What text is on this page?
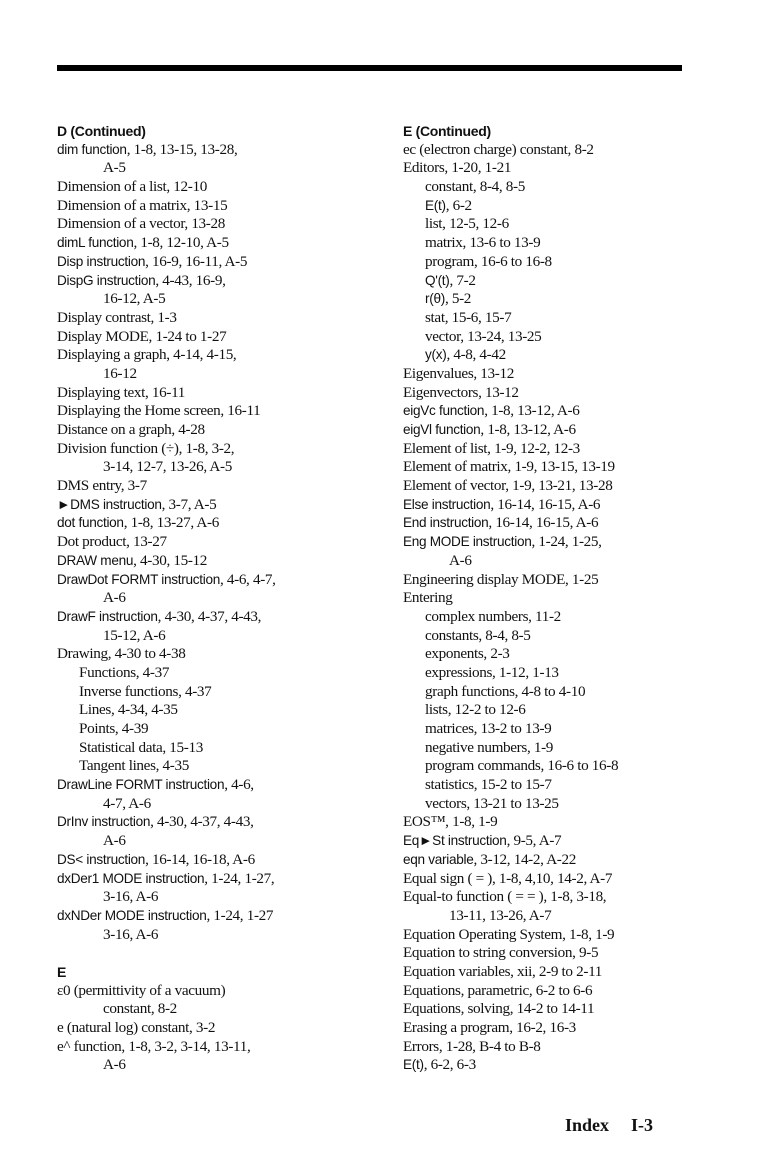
D (Continued)
dim function, 1-8, 13-15, 13-28,
A-5
Dimension of a list, 12-10
Dimension of a matrix, 13-15
Dimension of a vector, 13-28
dimL function, 1-8, 12-10, A-5
Disp instruction, 16-9, 16-11, A-5
DispG instruction, 4-43, 16-9,
16-12, A-5
Display contrast, 1-3
Display MODE, 1-24 to 1-27
Displaying a graph, 4-14, 4-15,
16-12
Displaying text, 16-11
Displaying the Home screen, 16-11
Distance on a graph, 4-28
Division function (÷), 1-8, 3-2,
3-14, 12-7, 13-26, A-5
DMS entry, 3-7
►DMS instruction, 3-7, A-5
dot function, 1-8, 13-27, A-6
Dot product, 13-27
DRAW menu, 4-30, 15-12
DrawDot FORMT instruction, 4-6, 4-7,
A-6
DrawF instruction, 4-30, 4-37, 4-43,
15-12, A-6
Drawing, 4-30 to 4-38
Functions, 4-37
Inverse functions, 4-37
Lines, 4-34, 4-35
Points, 4-39
Statistical data, 15-13
Tangent lines, 4-35
DrawLine FORMT instruction, 4-6,
4-7, A-6
DrInv instruction, 4-30, 4-37, 4-43,
A-6
DS< instruction, 16-14, 16-18, A-6
dxDer1 MODE instruction, 1-24, 1-27,
3-16, A-6
dxNDer MODE instruction, 1-24, 1-27
3-16, A-6
E
ε0 (permittivity of a vacuum)
constant, 8-2
e (natural log) constant, 3-2
e^ function, 1-8, 3-2, 3-14, 13-11,
A-6
E (Continued)
ec (electron charge) constant, 8-2
Editors, 1-20, 1-21
constant, 8-4, 8-5
E(t), 6-2
list, 12-5, 12-6
matrix, 13-6 to 13-9
program, 16-6 to 16-8
Q'(t), 7-2
r(θ), 5-2
stat, 15-6, 15-7
vector, 13-24, 13-25
y(x), 4-8, 4-42
Eigenvalues, 13-12
Eigenvectors, 13-12
eigVc function, 1-8, 13-12, A-6
eigVl function, 1-8, 13-12, A-6
Element of list, 1-9, 12-2, 12-3
Element of matrix, 1-9, 13-15, 13-19
Element of vector, 1-9, 13-21, 13-28
Else instruction, 16-14, 16-15, A-6
End instruction, 16-14, 16-15, A-6
Eng MODE instruction, 1-24, 1-25,
A-6
Engineering display MODE, 1-25
Entering
complex numbers, 11-2
constants, 8-4, 8-5
exponents, 2-3
expressions, 1-12, 1-13
graph functions, 4-8 to 4-10
lists, 12-2 to 12-6
matrices, 13-2 to 13-9
negative numbers, 1-9
program commands, 16-6 to 16-8
statistics, 15-2 to 15-7
vectors, 13-21 to 13-25
EOS™, 1-8, 1-9
Eq►St instruction, 9-5, A-7
eqn variable, 3-12, 14-2, A-22
Equal sign ( = ), 1-8, 4,10, 14-2, A-7
Equal-to function ( = = ), 1-8, 3-18,
13-11, 13-26, A-7
Equation Operating System, 1-8, 1-9
Equation to string conversion, 9-5
Equation variables, xii, 2-9 to 2-11
Equations, parametric, 6-2 to 6-6
Equations, solving, 14-2 to 14-11
Erasing a program, 16-2, 16-3
Errors, 1-28, B-4 to B-8
E(t), 6-2, 6-3
Index I-3
